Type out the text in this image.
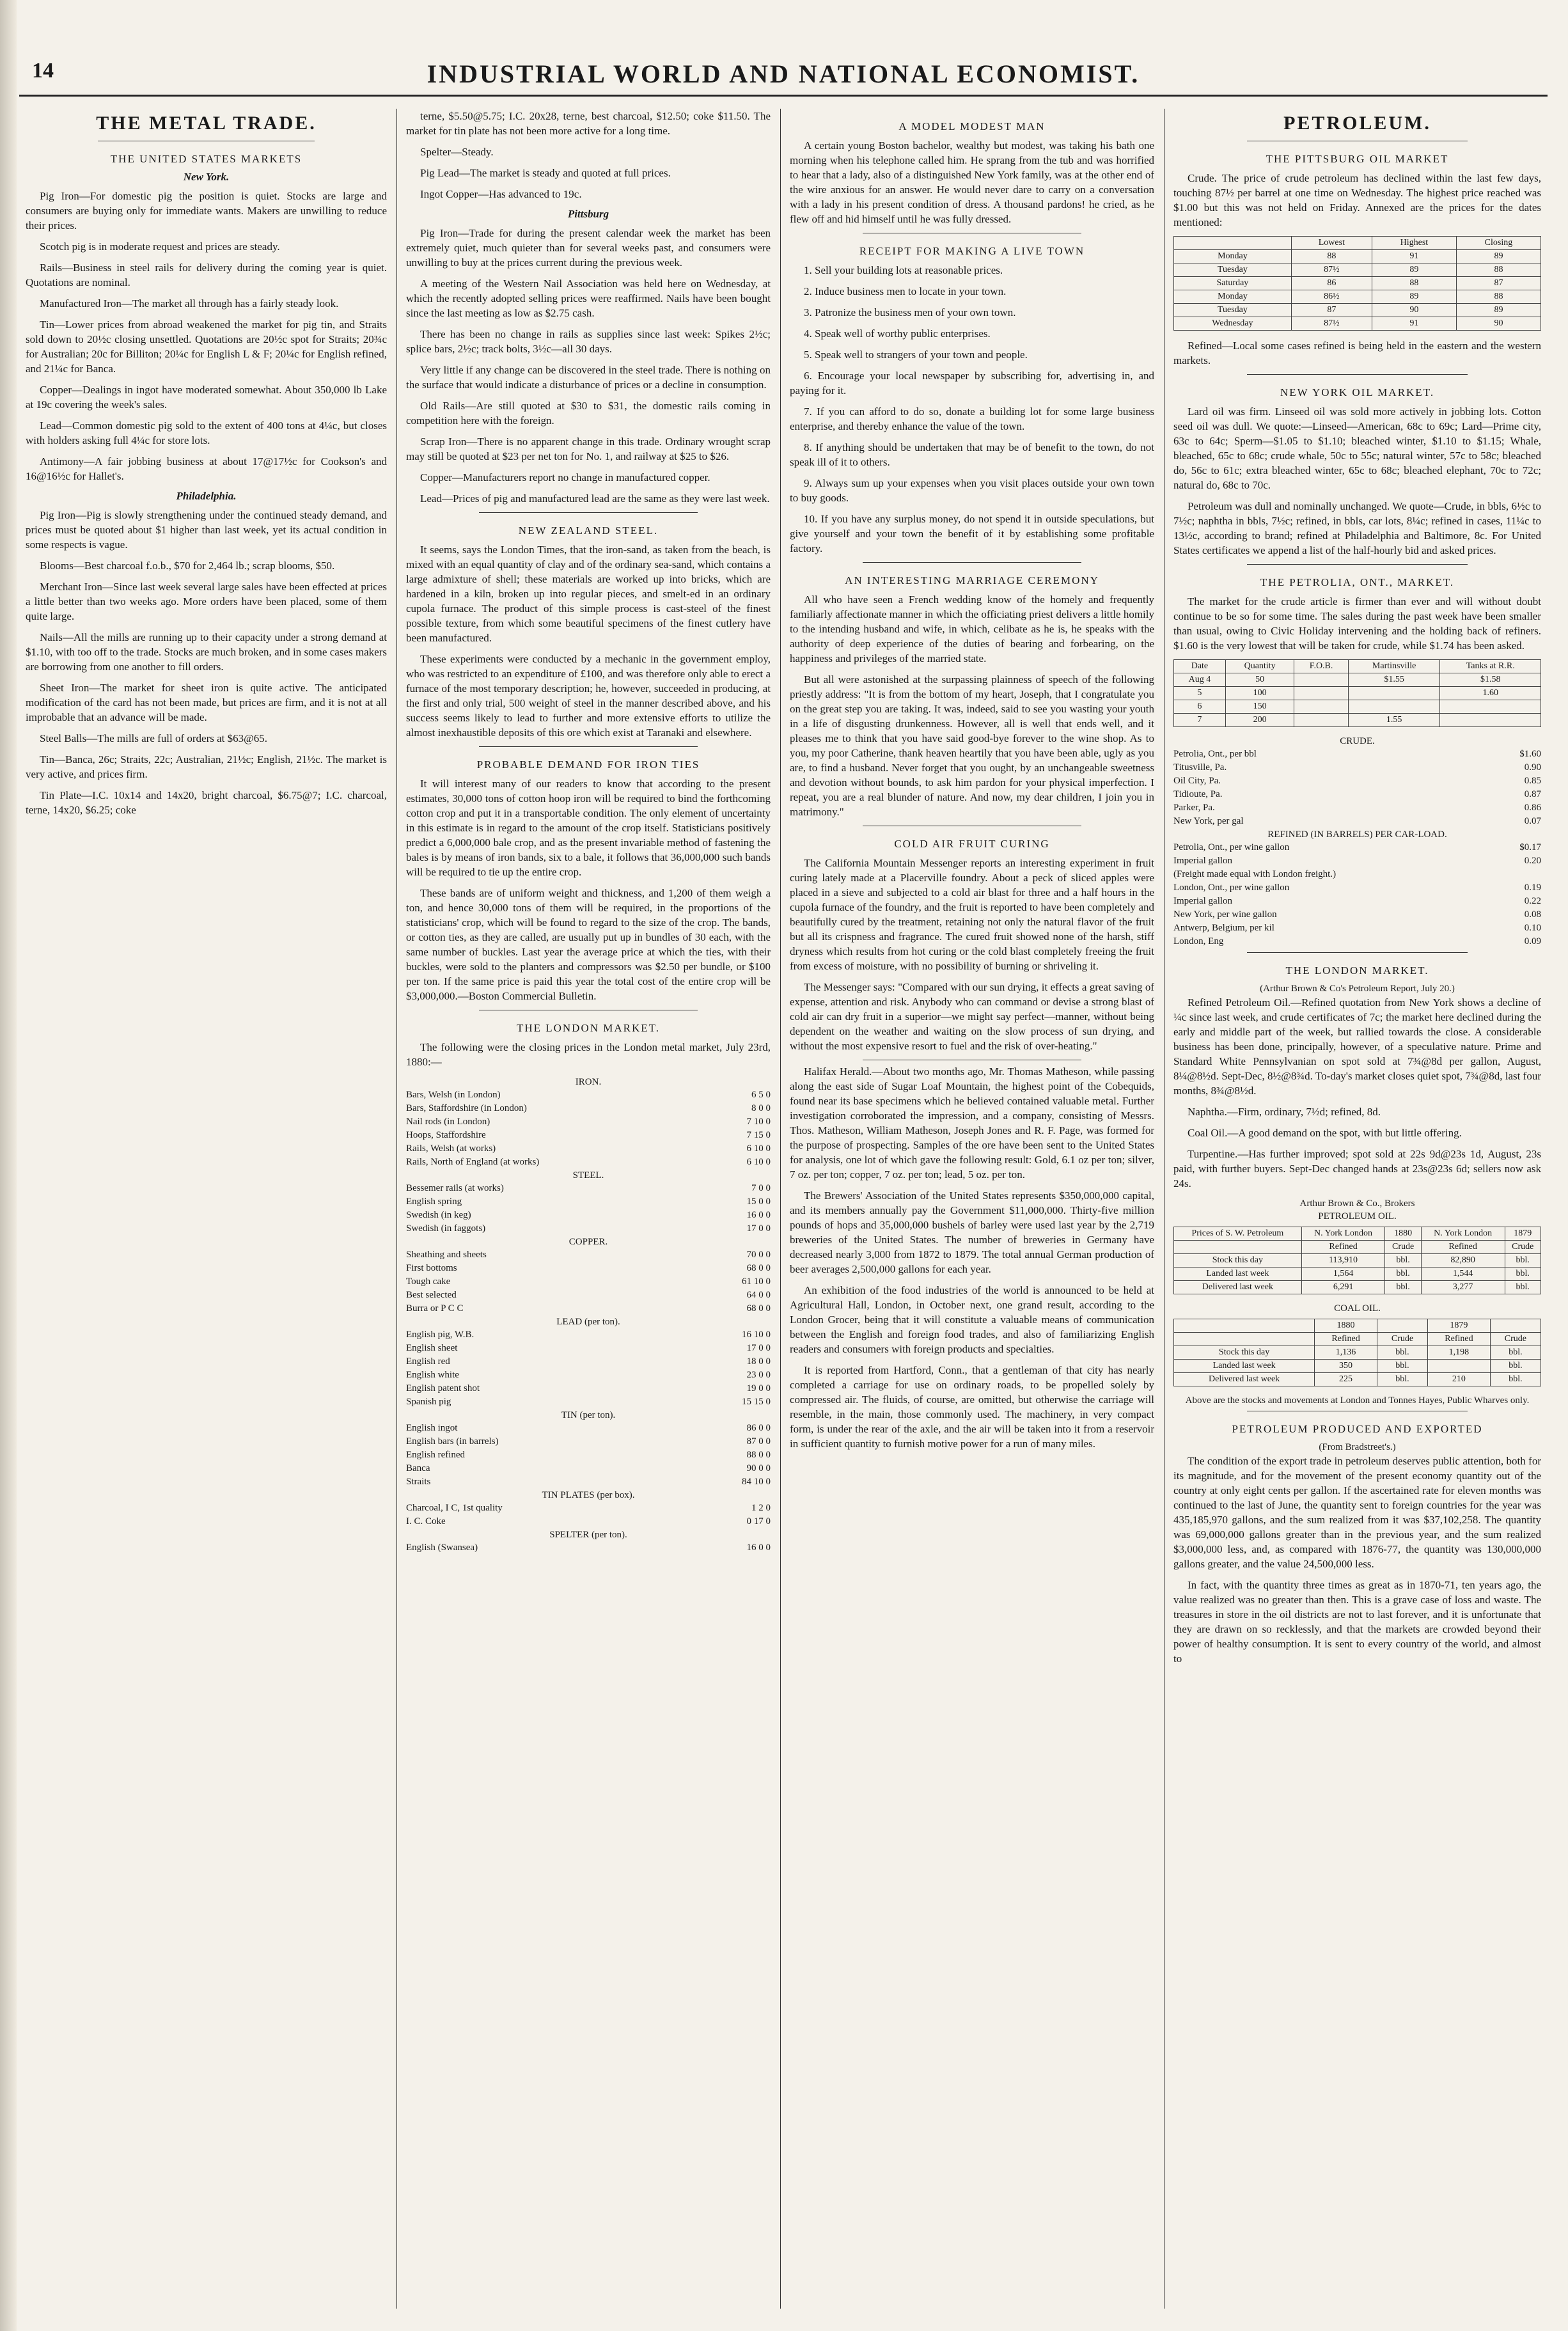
14	INDUSTRIAL WORLD AND NATIONAL ECONOMIST.
THE METAL TRADE.
THE UNITED STATES MARKETS
New York.

Pig Iron—For domestic pig the position is quiet. Stocks are large and consumers are buying only for immediate wants. Makers are unwilling to reduce their prices.

Scotch pig is in moderate request and prices are steady.

Rails—Business in steel rails for delivery during the coming year is quiet. Quotations are nominal.

Manufactured Iron—The market all through has a fairly steady look.

Tin—Lower prices from abroad weakened the market for pig tin, and Straits sold down to 20½c closing unsettled. Quotations are 20½c spot for Straits; 20¾c for Australian; 20c for Billiton; 20¼c for English L & F; 20¼c for English refined, and 21¼c for Banca.

Copper—Dealings in ingot have moderated somewhat. About 350,000 lb Lake at 19c covering the week's sales.

Lead—Common domestic pig sold to the extent of 400 tons at 4¼c, but closes with holders asking full 4¼c for store lots.

Antimony—A fair jobbing business at about 17@17½c for Cookson's and 16@16½c for Hallet's.

Philadelphia.

Pig Iron—Pig is slowly strengthening under the continued steady demand, and prices must be quoted about $1 higher than last week, yet its actual condition in some respects is vague.

Blooms—Best charcoal f.o.b., $70 for 2,464 lb.; scrap blooms, $50.

Merchant Iron—Since last week several large sales have been effected at prices a little better than two weeks ago. More orders have been placed, some of them quite large.

Nails—All the mills are running up to their capacity under a strong demand at $1.10, with too off to the trade. Stocks are much broken, and in some cases makers are borrowing from one another to fill orders.

Sheet Iron—The market for sheet iron is quite active. The anticipated modification of the card has not been made, but prices are firm, and it is not at all improbable that an advance will be made.

Steel Balls—The mills are full of orders at $63@65.

Tin—Banca, 26c; Straits, 22c; Australian, 21½c; English, 21½c. The market is very active, and prices firm.

Tin Plate—I.C. 10x14 and 14x20, bright charcoal, $6.75@7; I.C. charcoal, terne, 14x20, $6.25; coke

terne, $5.50@5.75; I.C. 20x28, terne, best charcoal, $12.50; coke $11.50. The market for tin plate has not been more active for a long time.

Spelter—Steady.

Pig Lead—The market is steady and quoted at full prices.

Ingot Copper—Has advanced to 19c.

Pittsburg

Pig Iron—Trade for during the present calendar week the market has been extremely quiet, much quieter than for several weeks past, and consumers were unwilling to buy at the prices current during the previous week.

A meeting of the Western Nail Association was held here on Wednesday, at which the recently adopted selling prices were reaffirmed. Nails have been bought since the last meeting as low as $2.75 cash.

There has been no change in rails as supplies since last week: Spikes 2½c; splice bars, 2½c; track bolts, 3½c—all 30 days.

Very little if any change can be discovered in the steel trade. There is nothing on the surface that would indicate a disturbance of prices or a decline in consumption.

Old Rails—Are still quoted at $30 to $31, the domestic rails coming in competition here with the foreign.

Scrap Iron—There is no apparent change in this trade. Ordinary wrought scrap may still be quoted at $23 per net ton for No. 1, and railway at $25 to $26.

Copper—Manufacturers report no change in manufactured copper.

Lead—Prices of pig and manufactured lead are the same as they were last week.

NEW ZEALAND STEEL.

It seems, says the London Times, that the iron-sand, as taken from the beach, is mixed with an equal quantity of clay and of the ordinary sea-sand, which contains a large admixture of shell; these materials are worked up into bricks, which are hardened in a kiln, broken up into regular pieces, and smelt-ed in an ordinary cupola furnace. The product of this simple process is cast-steel of the finest possible texture, from which some beautiful specimens of the finest cutlery have been manufactured.

These experiments were conducted by a mechanic in the government employ, who was restricted to an expenditure of £100, and was therefore only able to erect a furnace of the most temporary description; he, however, succeeded in producing, at the first and only trial, 500 weight of steel in the manner described above, and his success seems likely to lead to further and more extensive efforts to utilize the almost inexhaustible deposits of this ore which exist at Taranaki and elsewhere.

PROBABLE DEMAND FOR IRON TIES

It will interest many of our readers to know that according to the present estimates, 30,000 tons of cotton hoop iron will be required to bind the forthcoming cotton crop and put it in a transportable condition. The only element of uncertainty in this estimate is in regard to the amount of the crop itself. Statisticians positively predict a 6,000,000 bale crop, and as the present invariable method of fastening the bales is by means of iron bands, six to a bale, it follows that 36,000,000 such bands will be required to tie up the entire crop.

These bands are of uniform weight and thickness, and 1,200 of them weigh a ton, and hence 30,000 tons of them will be required, in the proportions of the statisticians' crop, which will be found to regard to the size of the crop. The bands, or cotton ties, as they are called, are usually put up in bundles of 30 each, with the same number of buckles. Last year the average price at which the ties, with their buckles, were sold to the planters and compressors was $2.50 per bundle, or $100 per ton. If the same price is paid this year the total cost of the entire crop will be $3,000,000.—Boston Commercial Bulletin.

THE LONDON MARKET.

The following were the closing prices in the London metal market, July 23rd, 1880:—

IRON.
Bars, Welsh (in London)	6 5 0
Bars, Staffordshire (in London)	8 0 0
Nail rods (in London)	7 10 0
Hoops, Staffordshire	7 15 0
Rails, Welsh (at works)	6 10 0
Rails, North of England (at works)	6 10 0
STEEL.
Bessemer rails (at works)	7 0 0
English spring	15 0 0
Swedish (in keg)	16 0 0
Swedish (in faggots)	17 0 0
COPPER.
Sheathing and sheets	70 0 0
First bottoms	68 0 0
Tough cake	61 10 0
Best selected	64 0 0
Burra or P C C	68 0 0
LEAD (per ton).
English pig, W.B.	16 10 0
English sheet	17 0 0
English red	18 0 0
English white	23 0 0
English patent shot	19 0 0
Spanish pig	15 15 0
TIN (per ton).
English ingot	86 0 0
English bars (in barrels)	87 0 0
English refined	88 0 0
Banca	90 0 0
Straits	84 10 0
TIN PLATES (per box).
Charcoal, I C, 1st quality	1 2 0
I. C. Coke	0 17 0
SPELTER (per ton).
English (Swansea)	16 0 0
A MODEL MODEST MAN

A certain young Boston bachelor, wealthy but modest, was taking his bath one morning when his telephone called him. He sprang from the tub and was horrified to hear that a lady, also of a distinguished New York family, was at the other end of the wire anxious for an answer. He would never dare to carry on a conversation with a lady in his present condition of dress. A thousand pardons! he cried, as he flew off and hid himself until he was fully dressed.

RECEIPT FOR MAKING A LIVE TOWN

1. Sell your building lots at reasonable prices.

2. Induce business men to locate in your town.

3. Patronize the business men of your own town.

4. Speak well of worthy public enterprises.

5. Speak well to strangers of your town and people.

6. Encourage your local newspaper by subscribing for, advertising in, and paying for it.

7. If you can afford to do so, donate a building lot for some large business enterprise, and thereby enhance the value of the town.

8. If anything should be undertaken that may be of benefit to the town, do not speak ill of it to others.

9. Always sum up your expenses when you visit places outside your own town to buy goods.

10. If you have any surplus money, do not spend it in outside speculations, but give yourself and your town the benefit of it by establishing some profitable factory.

AN INTERESTING MARRIAGE CEREMONY

All who have seen a French wedding know of the homely and frequently familiarly affectionate manner in which the officiating priest delivers a little homily to the intending husband and wife, in which, celibate as he is, he speaks with the authority of deep experience of the duties of bearing and forbearing, on the happiness and privileges of the married state.

But all were astonished at the surpassing plainness of speech of the following priestly address: "It is from the bottom of my heart, Joseph, that I congratulate you on the great step you are taking. It was, indeed, said to see you wasting your youth in a life of disgusting drunkenness. However, all is well that ends well, and it pleases me to think that you have said good-bye forever to the wine shop. As to you, my poor Catherine, thank heaven heartily that you have been able, ugly as you are, to find a husband. Never forget that you ought, by an unchangeable sweetness and devotion without bounds, to ask him pardon for your physical imperfection. I repeat, you are a real blunder of nature. And now, my dear children, I join you in matrimony."

COLD AIR FRUIT CURING

The California Mountain Messenger reports an interesting experiment in fruit curing lately made at a Placerville foundry. About a peck of sliced apples were placed in a sieve and subjected to a cold air blast for three and a half hours in the cupola furnace of the foundry, and the fruit is reported to have been completely and beautifully cured by the treatment, retaining not only the natural flavor of the fruit but all its crispness and fragrance. The cured fruit showed none of the harsh, stiff dryness which results from hot curing or the cold blast completely freeing the fruit from excess of moisture, with no possibility of burning or shriveling it.

The Messenger says: "Compared with our sun drying, it effects a great saving of expense, attention and risk. Anybody who can command or devise a strong blast of cold air can dry fruit in a superior—we might say perfect—manner, without being dependent on the weather and waiting on the slow process of sun drying, and without the most expensive resort to fuel and the risk of over-heating."

Halifax Herald.—About two months ago, Mr. Thomas Matheson, while passing along the east side of Sugar Loaf Mountain, the highest point of the Cobequids, found near its base specimens which he believed contained valuable metal. Further investigation corroborated the impression, and a company, consisting of Messrs. Thos. Matheson, William Matheson, Joseph Jones and R. F. Page, was formed for the purpose of prospecting. Samples of the ore have been sent to the United States for analysis, one lot of which gave the following result: Gold, 6.1 oz per ton; silver, 7 oz. per ton; copper, 7 oz. per ton; lead, 5 oz. per ton.

The Brewers' Association of the United States represents $350,000,000 capital, and its members annually pay the Government $11,000,000. Thirty-five million pounds of hops and 35,000,000 bushels of barley were used last year by the 2,719 breweries of the United States. The number of breweries in Germany have decreased nearly 3,000 from 1872 to 1879. The total annual German production of beer averages 2,500,000 gallons for each year.

An exhibition of the food industries of the world is announced to be held at Agricultural Hall, London, in October next, one grand result, according to the London Grocer, being that it will constitute a valuable means of communication between the English and foreign food trades, and also of familiarizing English readers and consumers with foreign products and specialties.

It is reported from Hartford, Conn., that a gentleman of that city has nearly completed a carriage for use on ordinary roads, to be propelled solely by compressed air. The fluids, of course, are omitted, but otherwise the carriage will resemble, in the main, those commonly used. The machinery, in very compact form, is under the rear of the axle, and the air will be taken into it from a reservoir in sufficient quantity to furnish motive power for a run of many miles.

PETROLEUM.
THE PITTSBURG OIL MARKET

Crude. The price of crude petroleum has declined within the last few days, touching 87½ per barrel at one time on Wednesday. The highest price reached was $1.00 but this was not held on Friday. Annexed are the prices for the dates mentioned:

	Lowest	Highest	Closing
Monday	88	91	89
Tuesday	87½	89	88
Saturday	86	88	87
Monday	86½	89	88
Tuesday	87	90	89
Wednesday	87½	91	90

Refined—Local some cases refined is being held in the eastern and the western markets.

NEW YORK OIL MARKET.

Lard oil was firm. Linseed oil was sold more actively in jobbing lots. Cotton seed oil was dull. We quote:—Linseed—American, 68c to 69c; Lard—Prime city, 63c to 64c; Sperm—$1.05 to $1.10; bleached winter, $1.10 to $1.15; Whale, bleached, 65c to 68c; crude whale, 50c to 55c; natural winter, 57c to 58c; bleached do, 56c to 61c; extra bleached winter, 65c to 68c; bleached elephant, 70c to 72c; natural do, 68c to 70c.

Petroleum was dull and nominally unchanged. We quote—Crude, in bbls, 6½c to 7½c; naphtha in bbls, 7½c; refined, in bbls, car lots, 8¼c; refined in cases, 11¼c to 13½c, according to brand; refined at Philadelphia and Baltimore, 8c. For United States certificates we append a list of the half-hourly bid and asked prices.

THE PETROLIA, ONT., MARKET.

The market for the crude article is firmer than ever and will without doubt continue to be so for some time. The sales during the past week have been smaller than usual, owing to Civic Holiday intervening and the holding back of refiners. $1.60 is the very lowest that will be taken for crude, while $1.74 has been asked.

Date	Quantity	F.O.B.	Martinsville	Tanks at R.R.
Aug 4	50		$1.55	$1.58
5	100			1.60
6	150			
7	200		1.55	
CRUDE.
Petrolia, Ont., per bbl	$1.60
Titusville, Pa.	0.90
Oil City, Pa.	0.85
Tidioute, Pa.	0.87
Parker, Pa.	0.86
New York, per gal	0.07
REFINED (IN BARRELS) PER CAR-LOAD.
Petrolia, Ont., per wine gallon	$0.17
Imperial gallon	0.20
(Freight made equal with London freight.)
London, Ont., per wine gallon	0.19
Imperial gallon	0.22
New York, per wine gallon	0.08
Antwerp, Belgium, per kil	0.10
London, Eng	0.09
THE LONDON MARKET.
(Arthur Brown & Co's Petroleum Report, July 20.)

Refined Petroleum Oil.—Refined quotation from New York shows a decline of ¼c since last week, and crude certificates of 7c; the market here declined during the early and middle part of the week, but rallied towards the close. A considerable business has been done, principally, however, of a speculative nature. Prime and Standard White Pennsylvanian on spot sold at 7¾@8d per gallon, August, 8¼@8½d. Sept-Dec, 8½@8¾d. To-day's market closes quiet spot, 7¾@8d, last four months, 8¾@8½d.

Naphtha.—Firm, ordinary, 7½d; refined, 8d.

Coal Oil.—A good demand on the spot, with but little offering.

Turpentine.—Has further improved; spot sold at 22s 9d@23s 1d, August, 23s paid, with further buyers. Sept-Dec changed hands at 23s@23s 6d; sellers now ask 24s.

Arthur Brown & Co., Brokers
PETROLEUM OIL.
Prices of S. W. Petroleum	N. York London	1880	N. York London	1879
	Refined	Crude	Refined	Crude
Stock this day	113,910	bbl.	82,890	bbl.
Landed last week	1,564	bbl.	1,544	bbl.
Delivered last week	6,291	bbl.	3,277	bbl.
COAL OIL.
	1880		1879	
	Refined	Crude	Refined	Crude
Stock this day	1,136	bbl.	1,198	bbl.
Landed last week	350	bbl.		bbl.
Delivered last week	225	bbl.	210	bbl.
Above are the stocks and movements at London and Tonnes Hayes, Public Wharves only.
PETROLEUM PRODUCED AND EXPORTED
(From Bradstreet's.)

The condition of the export trade in petroleum deserves public attention, both for its magnitude, and for the movement of the present economy quantity out of the country at only eight cents per gallon. If the ascertained rate for eleven months was continued to the last of June, the quantity sent to foreign countries for the year was 435,185,970 gallons, and the sum realized from it was $37,102,258. The quantity was 69,000,000 gallons greater than in the previous year, and the sum realized $3,000,000 less, and, as compared with 1876-77, the quantity was 130,000,000 gallons greater, and the value 24,500,000 less.

In fact, with the quantity three times as great as in 1870-71, ten years ago, the value realized was no greater than then. This is a grave case of loss and waste. The treasures in store in the oil districts are not to last forever, and it is unfortunate that they are drawn on so recklessly, and that the markets are crowded beyond their power of healthy consumption. It is sent to every country of the world, and almost to
